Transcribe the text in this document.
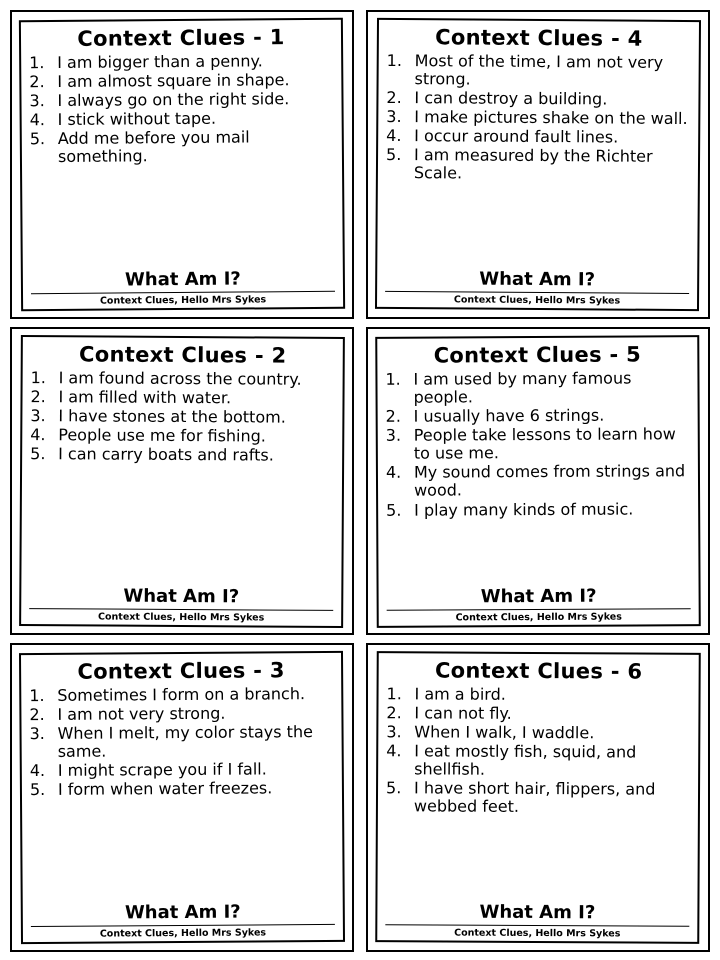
Context Clues - 1
1. I am bigger than a penny.
2. I am almost square in shape.
3. I always go on the right side.
4. I stick without tape.
5. Add me before you mail something.
What Am I?
Context Clues, Hello Mrs Sykes
Context Clues - 4
1. Most of the time, I am not very strong.
2. I can destroy a building.
3. I make pictures shake on the wall.
4. I occur around fault lines.
5. I am measured by the Richter Scale.
What Am I?
Context Clues, Hello Mrs Sykes
Context Clues - 2
1. I am found across the country.
2. I am filled with water.
3. I have stones at the bottom.
4. People use me for fishing.
5. I can carry boats and rafts.
What Am I?
Context Clues, Hello Mrs Sykes
Context Clues - 5
1. I am used by many famous people.
2. I usually have 6 strings.
3. People take lessons to learn how to use me.
4. My sound comes from strings and wood.
5. I play many kinds of music.
What Am I?
Context Clues, Hello Mrs Sykes
Context Clues - 3
1. Sometimes I form on a branch.
2. I am not very strong.
3. When I melt, my color stays the same.
4. I might scrape you if I fall.
5. I form when water freezes.
What Am I?
Context Clues, Hello Mrs Sykes
Context Clues - 6
1. I am a bird.
2. I can not fly.
3. When I walk, I waddle.
4. I eat mostly fish, squid, and shellfish.
5. I have short hair, flippers, and webbed feet.
What Am I?
Context Clues, Hello Mrs Sykes
